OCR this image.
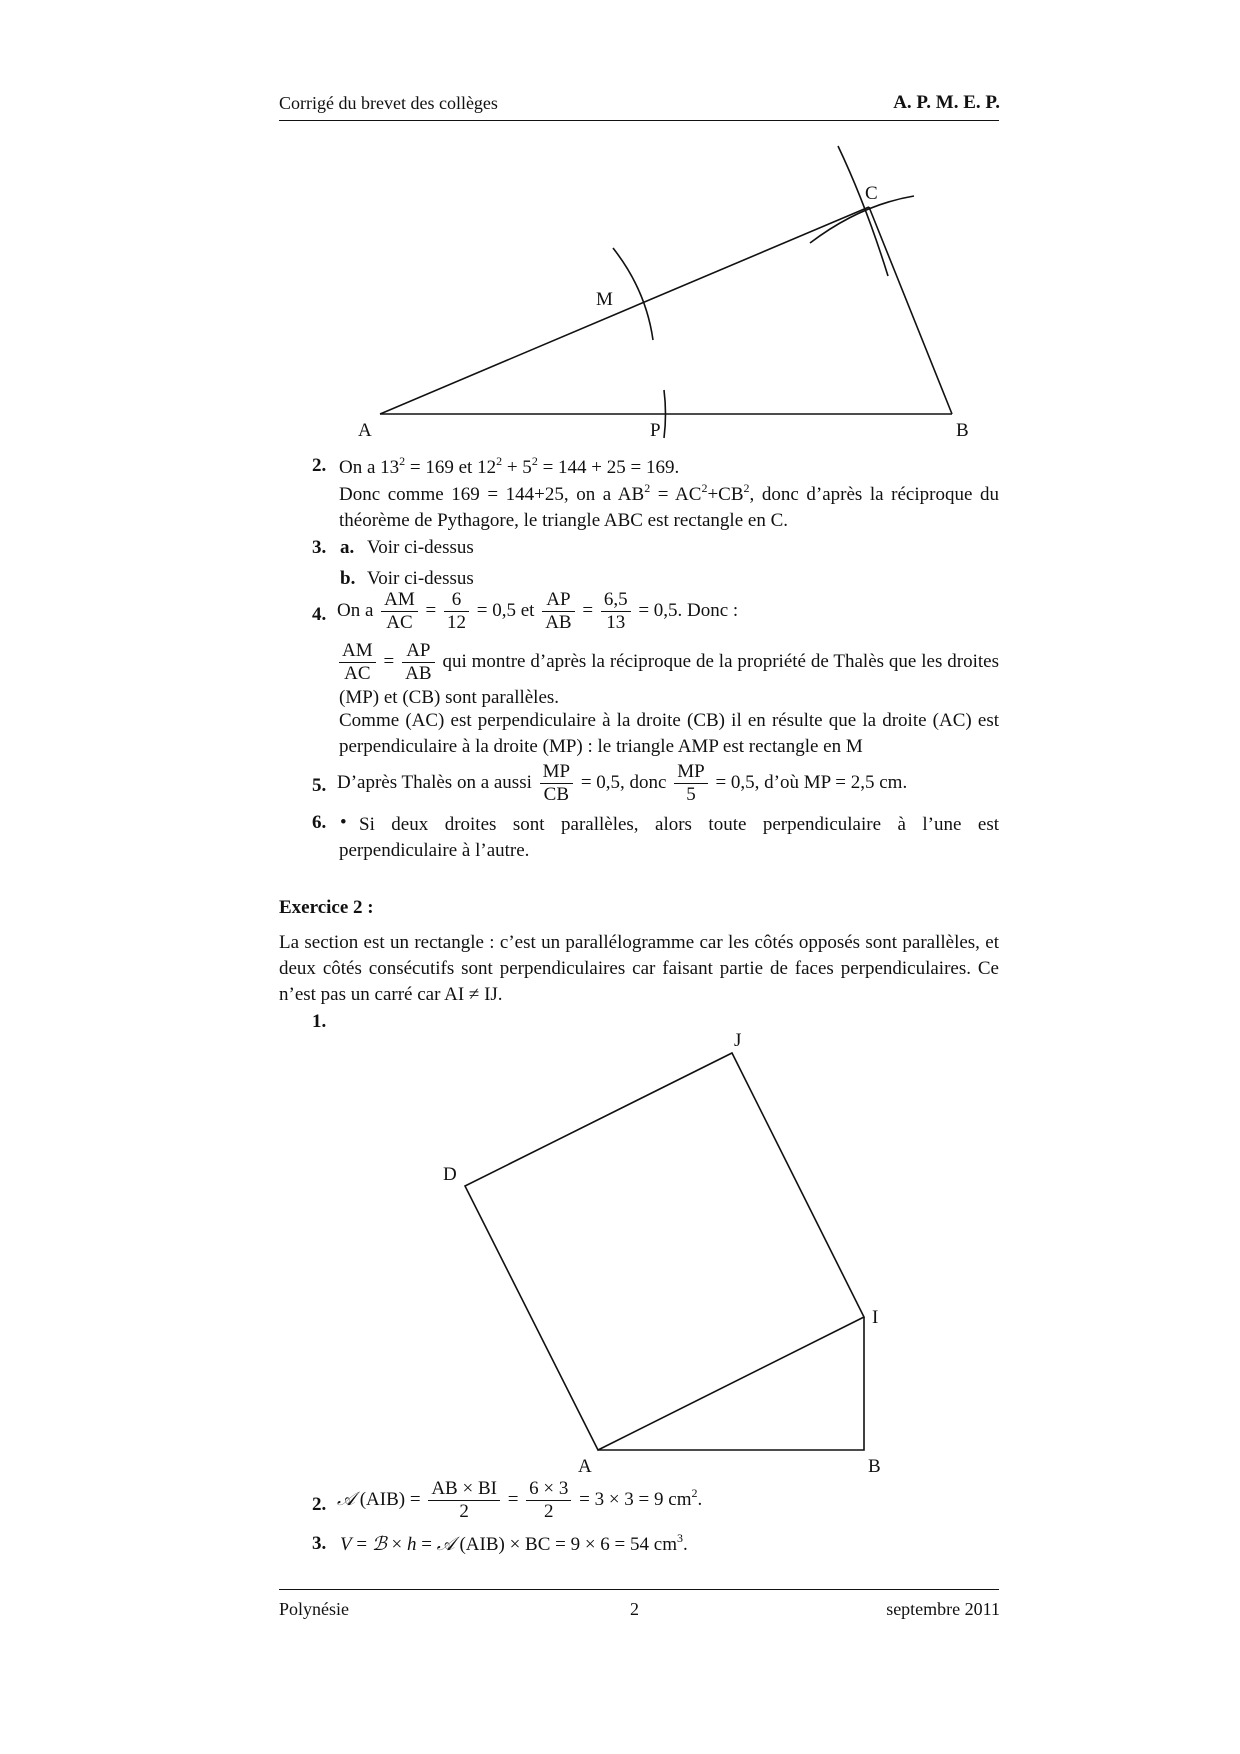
Corrigé du brevet des collèges	A. P. M. E. P.
A	B
C
M
P
2. On a $13^2 = 169$ et $12^2 + 5^2 = 144 + 25 = 169$.
Donc comme 169 = 144+25, on a $AB^2 = AC^2+CB^2$, donc d’après la réciproque du théorème de Pythagore, le triangle ABC est rectangle en C.
3. a. Voir ci-dessus
b. Voir ci-dessus
4. On a $\frac{AM}{AC} = \frac{6}{12} = 0,5$ et $\frac{AP}{AB} = \frac{6,5}{13} = 0,5$. Donc :
$\frac{AM}{AC} = \frac{AP}{AB}$ qui montre d’après la réciproque de la propriété de Thalès que les droites (MP) et (CB) sont parallèles.
Comme (AC) est perpendiculaire à la droite (CB) il en résulte que la droite (AC) est perpendiculaire à la droite (MP) : le triangle AMP est rectangle en M
5. D’après Thalès on a aussi $\frac{MP}{CB} = 0,5$, donc $\frac{MP}{5} = 0,5$, d’où MP = 2,5 cm.
6. • Si deux droites sont parallèles, alors toute perpendiculaire à l’une est perpendiculaire à l’autre.
Exercice 2 :
La section est un rectangle : c’est un parallélogramme car les côtés opposés sont parallèles, et deux côtés consécutifs sont perpendiculaires car faisant partie de faces perpendiculaires. Ce n’est pas un carré car AI ≠ IJ.
1.
A	B
D
I
J
2. 𝒜 $(AIB) = \frac{AB \times BI}{2} = \frac{6 \times 3}{2} = 3 \times 3 = 9$ $cm^2$.
3. V = ℬ × h = 𝒜 (AIB) × BC = 9 × 6 = 54 $cm^3$.
Polynésie	2	septembre 2011
